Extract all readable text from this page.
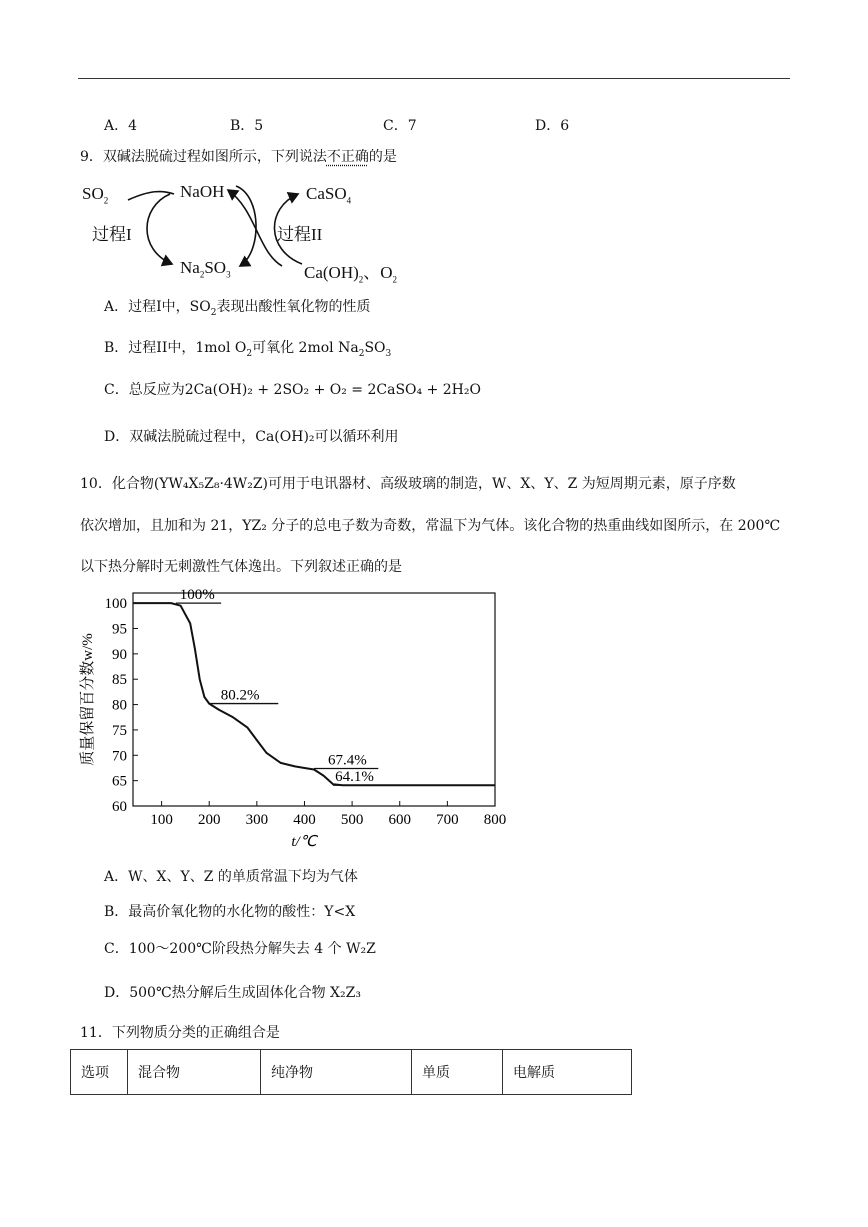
A．4	B．5	C．7	D．6
9．双碱法脱硫过程如图所示，下列说法不正确的是
$SO_2$	NaOH	CaSO$_4$
过程I	过程II
$Na_2SO_3$	$Ca(OH)_2$、$O_2$
A．过程I中，$SO_2$表现出酸性氧化物的性质
B．过程II中，1mol $O_2$可氧化 2mol $Na_2SO_3$
C．总反应为2Ca(OH)₂ + 2SO₂ + O₂ = 2CaSO₄ + 2H₂O
D．双碱法脱硫过程中，Ca(OH)₂可以循环利用
10．化合物(YW₄X₅Z₈·4W₂Z)可用于电讯器材、高级玻璃的制造，W、X、Y、Z 为短周期元素，原子序数
依次增加，且加和为 21，YZ₂ 分子的总电子数为奇数，常温下为气体。该化合物的热重曲线如图所示，在 200℃
以下热分解时无刺激性气体逸出。下列叙述正确的是
60
65
70
75
80
85
90
95
100
100 200 300 400 500 600 700 800
t/℃
质量保留百分数w/%
100%
80.2%
67.4%
64.1%
A．W、X、Y、Z 的单质常温下均为气体
B．最高价氧化物的水化物的酸性：Y<X
C．100～200℃阶段热分解失去 4 个 W₂Z
D．500℃热分解后生成固体化合物 X₂Z₃
11．下列物质分类的正确组合是
选项	混合物	纯净物	单质	电解质
